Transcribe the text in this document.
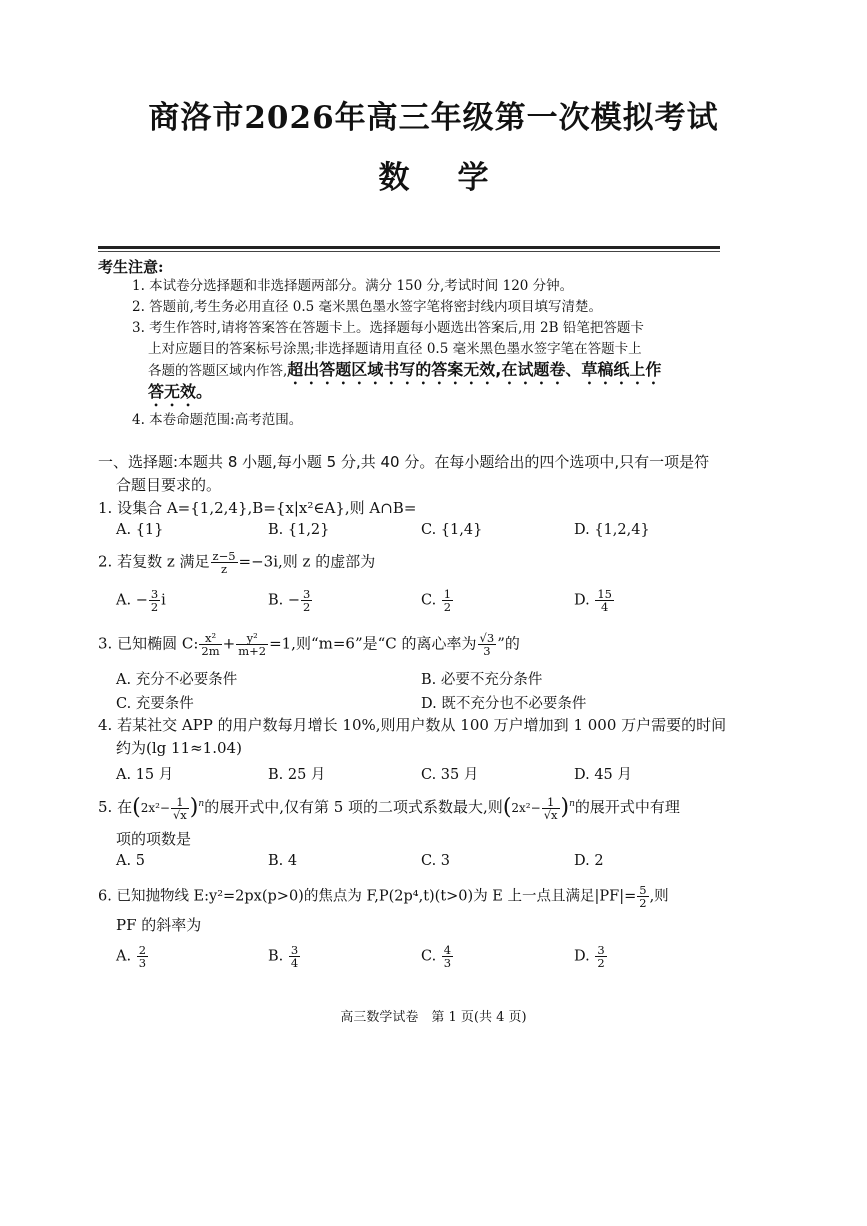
商洛市2026年高三年级第一次模拟考试
数 学
考生注意:
1. 本试卷分选择题和非选择题两部分。满分 150 分,考试时间 120 分钟。
2. 答题前,考生务必用直径 0.5 毫米黑色墨水签字笔将密封线内项目填写清楚。
3. 考生作答时,请将答案答在答题卡上。选择题每小题选出答案后,用 2B 铅笔把答题卡
上对应题目的答案标号涂黑;非选择题请用直径 0.5 毫米黑色墨水签字笔在答题卡上
各题的答题区域内作答,超出答题区域书写的答案无效,在试题卷、草稿纸上作
答无效。
4. 本卷命题范围:高考范围。
一、选择题:本题共 8 小题,每小题 5 分,共 40 分。在每小题给出的四个选项中,只有一项是符
合题目要求的。
1. 设集合 A={1,2,4},B={x|x²∈A},则 A∩B=
A. {1}	B. {1,2}	C. {1,4}	D. {1,2,4}
2. 若复数 z 满足 $\frac{z-5}{z} =-3i$,则 z 的虚部为
A. − $\frac{3}{2}$ i	B. − $\frac{3}{2}$	C. $\frac{1}{2}$	D. $\frac{15}{4}$
3. 已知椭圆 C: $\frac{\text{x²}}{2m} + \frac{\text{y²}}{m+2} =1$,则“m=6”是“C 的离心率为 $\frac{√3}{3}$ ”的
A. 充分不必要条件	B. 必要不充分条件
C. 充要条件	D. 既不充分也不必要条件
4. 若某社交 APP 的用户数每月增长 10%,则用户数从 100 万户增加到 1 000 万户需要的时间
约为(lg 11≈1.04)
A. 15 月	B. 25 月	C. 35 月	D. 45 月
5. 在$(2x^2- \frac{1}{√x} )^n$的展开式中,仅有第 5 项的二项式系数最大,则$(2x^2- \frac{1}{√x} )^n$的展开式中有理
项的项数是
A. 5	B. 4	C. 3	D. 2
6. 已知抛物线 E:y²=2px(p>0)的焦点为 F,P(2p⁴,t)(t>0)为 E 上一点且满足$|PF|= \frac{5}{2}$ ,则
PF 的斜率为
A. $\frac{2}{3}$	B. $\frac{3}{4}$	C. $\frac{4}{3}$	D. $\frac{3}{2}$
高三数学试卷　第 1 页(共 4 页)
